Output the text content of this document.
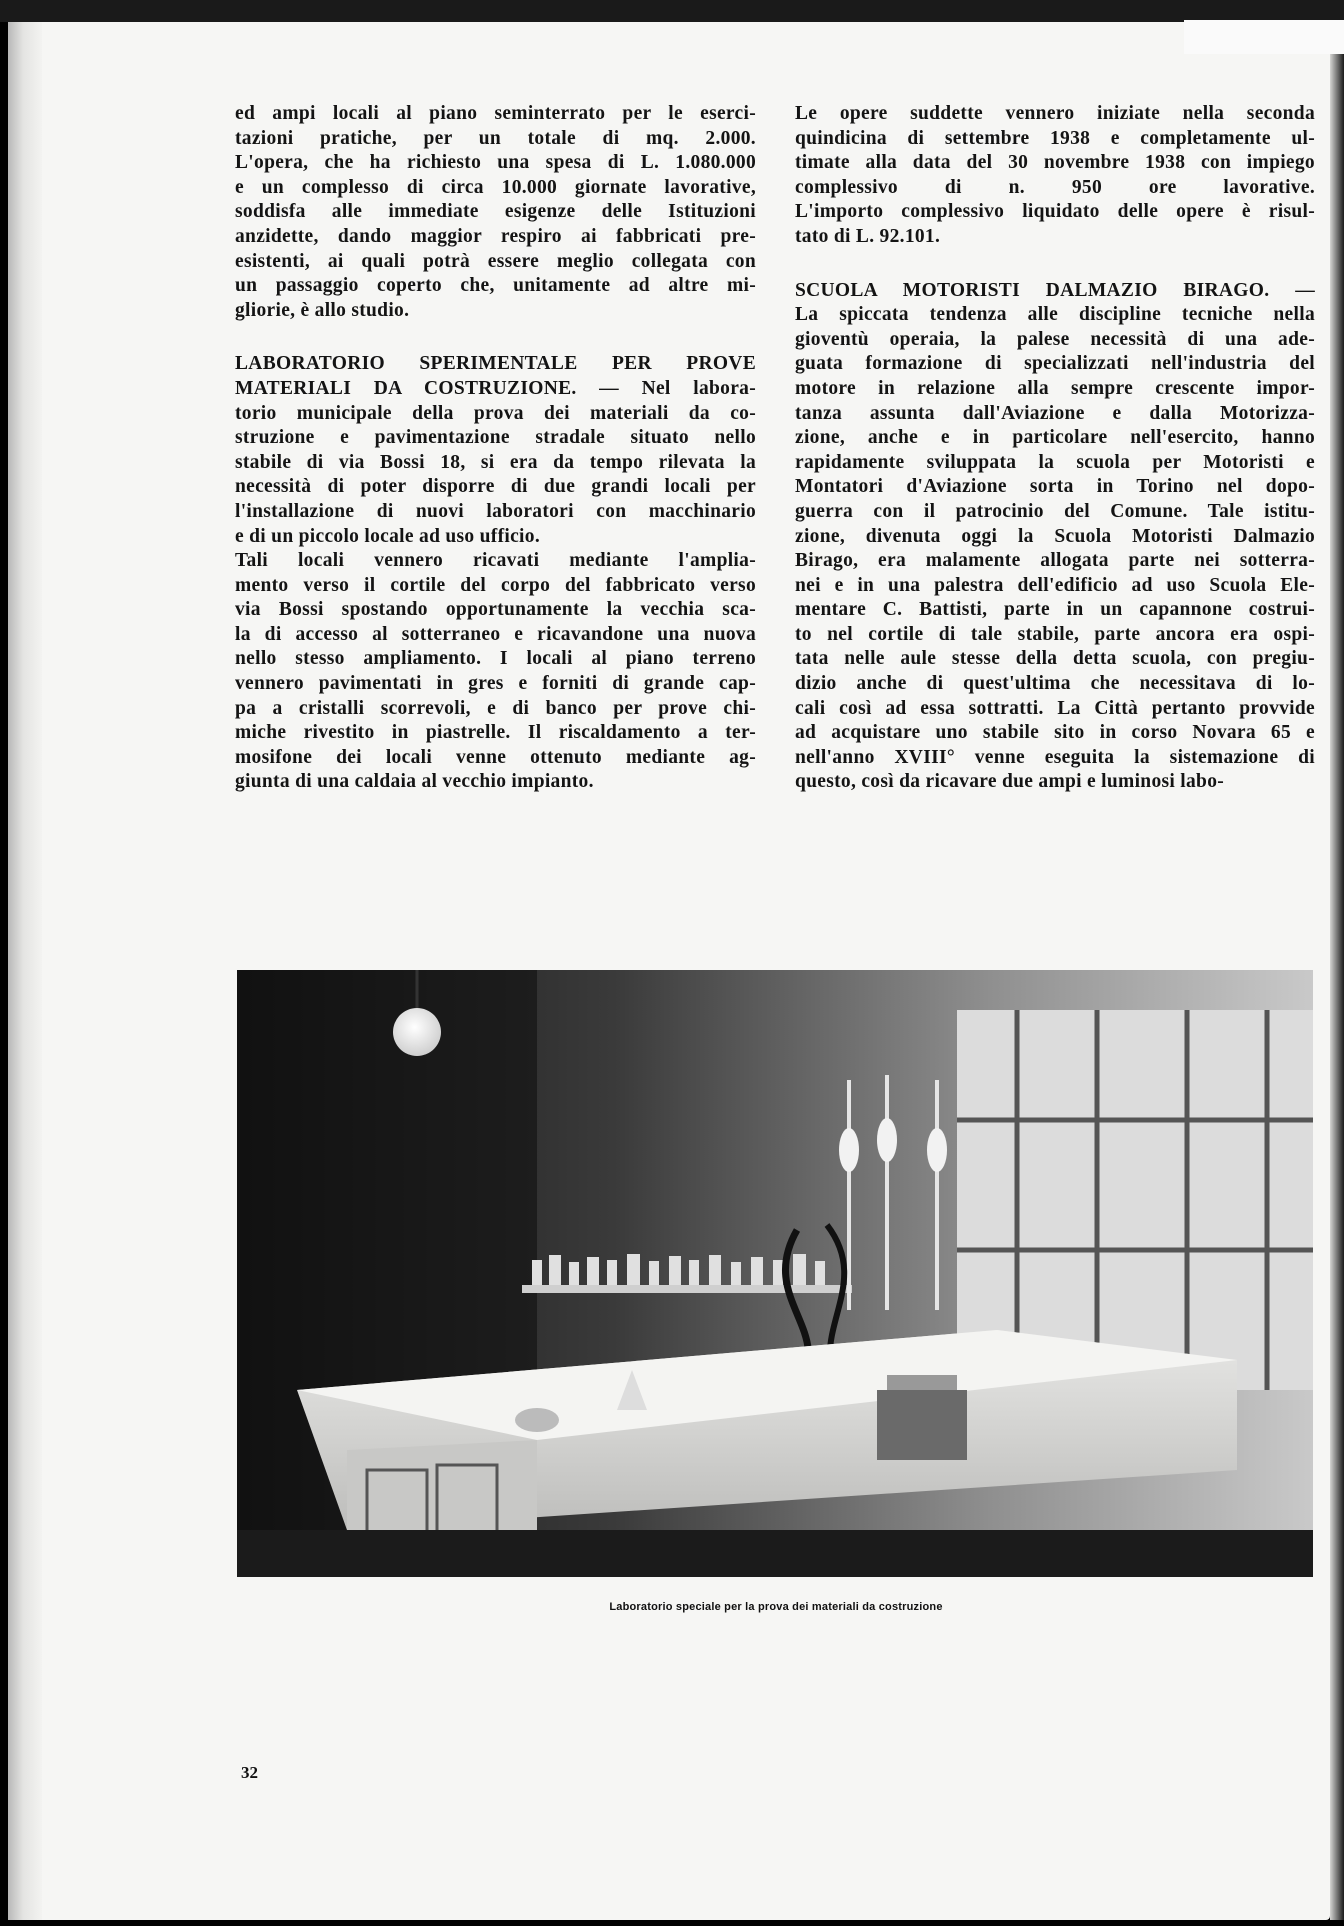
ed ampi locali al piano seminterrato per le eserci-
tazioni pratiche, per un totale di mq. 2.000.
L'opera, che ha richiesto una spesa di L. 1.080.000
e un complesso di circa 10.000 giornate lavorative,
soddisfa alle immediate esigenze delle Istituzioni
anzidette, dando maggior respiro ai fabbricati pre-
esistenti, ai quali potrà essere meglio collegata con
un passaggio coperto che, unitamente ad altre mi-
gliorie, è allo studio.
LABORATORIO SPERIMENTALE PER PROVE
MATERIALI DA COSTRUZIONE. — Nel labora-
torio municipale della prova dei materiali da co-
struzione e pavimentazione stradale situato nello
stabile di via Bossi 18, si era da tempo rilevata la
necessità di poter disporre di due grandi locali per
l'installazione di nuovi laboratori con macchinario
e di un piccolo locale ad uso ufficio.
Tali locali vennero ricavati mediante l'amplia-
mento verso il cortile del corpo del fabbricato verso
via Bossi spostando opportunamente la vecchia sca-
la di accesso al sotterraneo e ricavandone una nuova
nello stesso ampliamento. I locali al piano terreno
vennero pavimentati in gres e forniti di grande cap-
pa a cristalli scorrevoli, e di banco per prove chi-
miche rivestito in piastrelle. Il riscaldamento a ter-
mosifone dei locali venne ottenuto mediante ag-
giunta di una caldaia al vecchio impianto.
Le opere suddette vennero iniziate nella seconda
quindicina di settembre 1938 e completamente ul-
timate alla data del 30 novembre 1938 con impiego
complessivo di n. 950 ore lavorative.
L'importo complessivo liquidato delle opere è risul-
tato di L. 92.101.
SCUOLA MOTORISTI DALMAZIO BIRAGO. —
La spiccata tendenza alle discipline tecniche nella
gioventù operaia, la palese necessità di una ade-
guata formazione di specializzati nell'industria del
motore in relazione alla sempre crescente impor-
tanza assunta dall'Aviazione e dalla Motorizza-
zione, anche e in particolare nell'esercito, hanno
rapidamente sviluppata la scuola per Motoristi e
Montatori d'Aviazione sorta in Torino nel dopo-
guerra con il patrocinio del Comune. Tale istitu-
zione, divenuta oggi la Scuola Motoristi Dalmazio
Birago, era malamente allogata parte nei sotterra-
nei e in una palestra dell'edificio ad uso Scuola Ele-
mentare C. Battisti, parte in un capannone costrui-
to nel cortile di tale stabile, parte ancora era ospi-
tata nelle aule stesse della detta scuola, con pregiu-
dizio anche di quest'ultima che necessitava di lo-
cali così ad essa sottratti. La Città pertanto provvide
ad acquistare uno stabile sito in corso Novara 65 e
nell'anno XVIII° venne eseguita la sistemazione di
questo, così da ricavare due ampi e luminosi labo-
Laboratorio speciale per la prova dei materiali da costruzione
32
